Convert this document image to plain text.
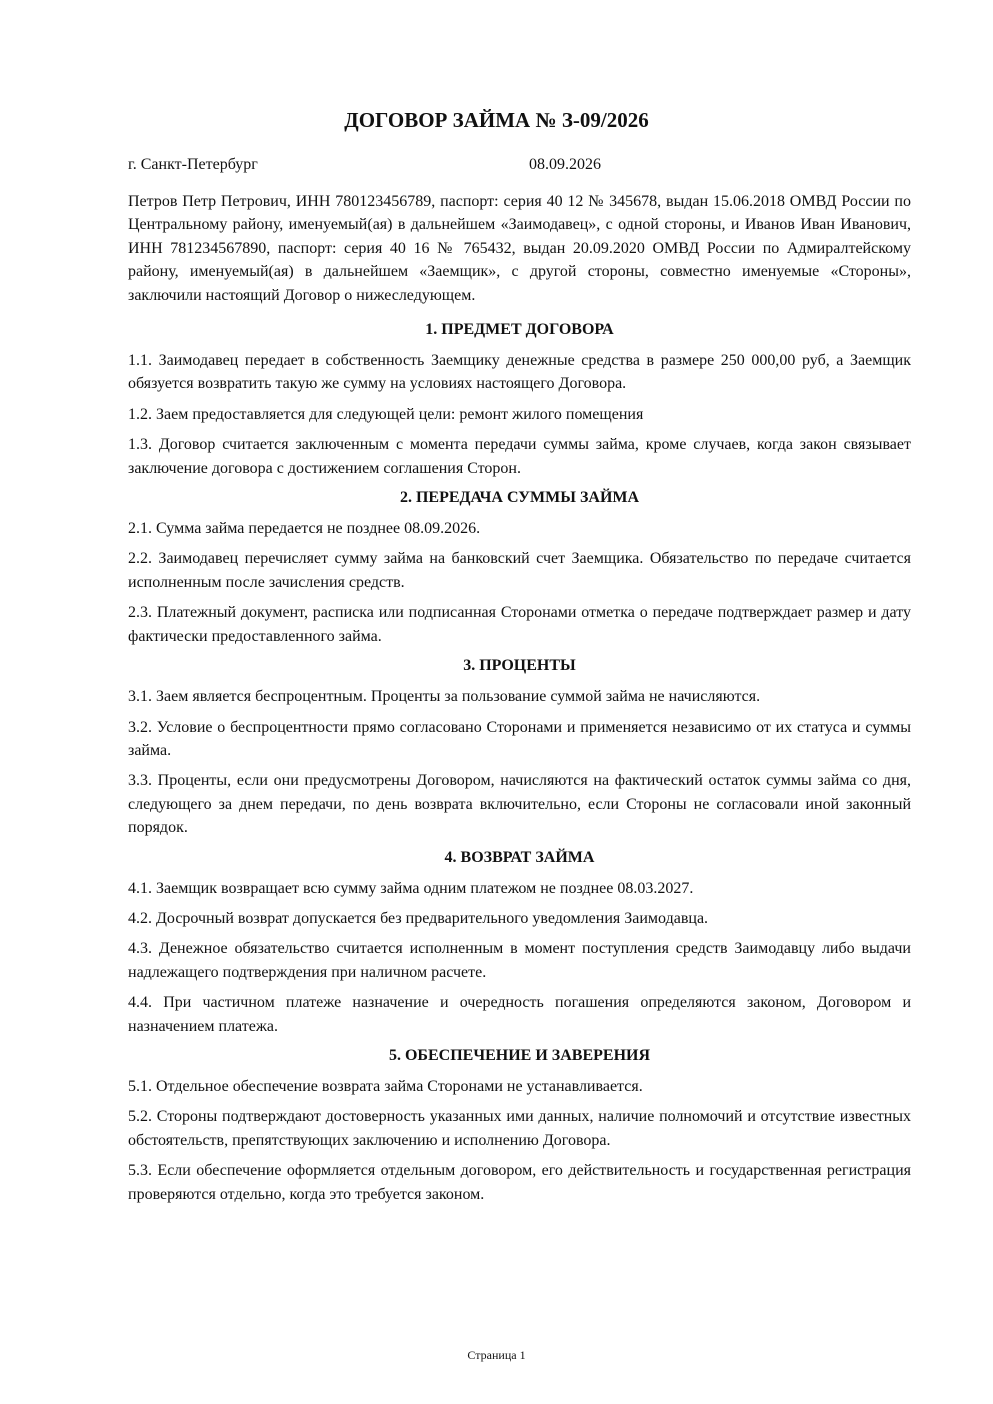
ДОГОВОР ЗАЙМА № З-09/2026
г. Санкт-Петербург	08.09.2026

Петров Петр Петрович, ИНН 780123456789, паспорт: серия 40 12 № 345678, выдан 15.06.2018 ОМВД России по Центральному району, именуемый(ая) в дальнейшем «Заимодавец», с одной стороны, и Иванов Иван Иванович, ИНН 781234567890, паспорт: серия 40 16 № 765432, выдан 20.09.2020 ОМВД России по Адмиралтейскому району, именуемый(ая) в дальнейшем «Заемщик», с другой стороны, совместно именуемые «Стороны», заключили настоящий Договор о нижеследующем.

1. ПРЕДМЕТ ДОГОВОРА

1.1. Заимодавец передает в собственность Заемщику денежные средства в размере 250 000,00 руб, а Заемщик обязуется возвратить такую же сумму на условиях настоящего Договора.

1.2. Заем предоставляется для следующей цели: ремонт жилого помещения

1.3. Договор считается заключенным с момента передачи суммы займа, кроме случаев, когда закон связывает заключение договора с достижением соглашения Сторон.

2. ПЕРЕДАЧА СУММЫ ЗАЙМА

2.1. Сумма займа передается не позднее 08.09.2026.

2.2. Заимодавец перечисляет сумму займа на банковский счет Заемщика. Обязательство по передаче считается исполненным после зачисления средств.

2.3. Платежный документ, расписка или подписанная Сторонами отметка о передаче подтверждает размер и дату фактически предоставленного займа.

3. ПРОЦЕНТЫ

3.1. Заем является беспроцентным. Проценты за пользование суммой займа не начисляются.

3.2. Условие о беспроцентности прямо согласовано Сторонами и применяется независимо от их статуса и суммы займа.

3.3. Проценты, если они предусмотрены Договором, начисляются на фактический остаток суммы займа со дня, следующего за днем передачи, по день возврата включительно, если Стороны не согласовали иной законный порядок.

4. ВОЗВРАТ ЗАЙМА

4.1. Заемщик возвращает всю сумму займа одним платежом не позднее 08.03.2027.

4.2. Досрочный возврат допускается без предварительного уведомления Заимодавца.

4.3. Денежное обязательство считается исполненным в момент поступления средств Заимодавцу либо выдачи надлежащего подтверждения при наличном расчете.

4.4. При частичном платеже назначение и очередность погашения определяются законом, Договором и назначением платежа.

5. ОБЕСПЕЧЕНИЕ И ЗАВЕРЕНИЯ

5.1. Отдельное обеспечение возврата займа Сторонами не устанавливается.

5.2. Стороны подтверждают достоверность указанных ими данных, наличие полномочий и отсутствие известных обстоятельств, препятствующих заключению и исполнению Договора.

5.3. Если обеспечение оформляется отдельным договором, его действительность и государственная регистрация проверяются отдельно, когда это требуется законом.

Страница 1
